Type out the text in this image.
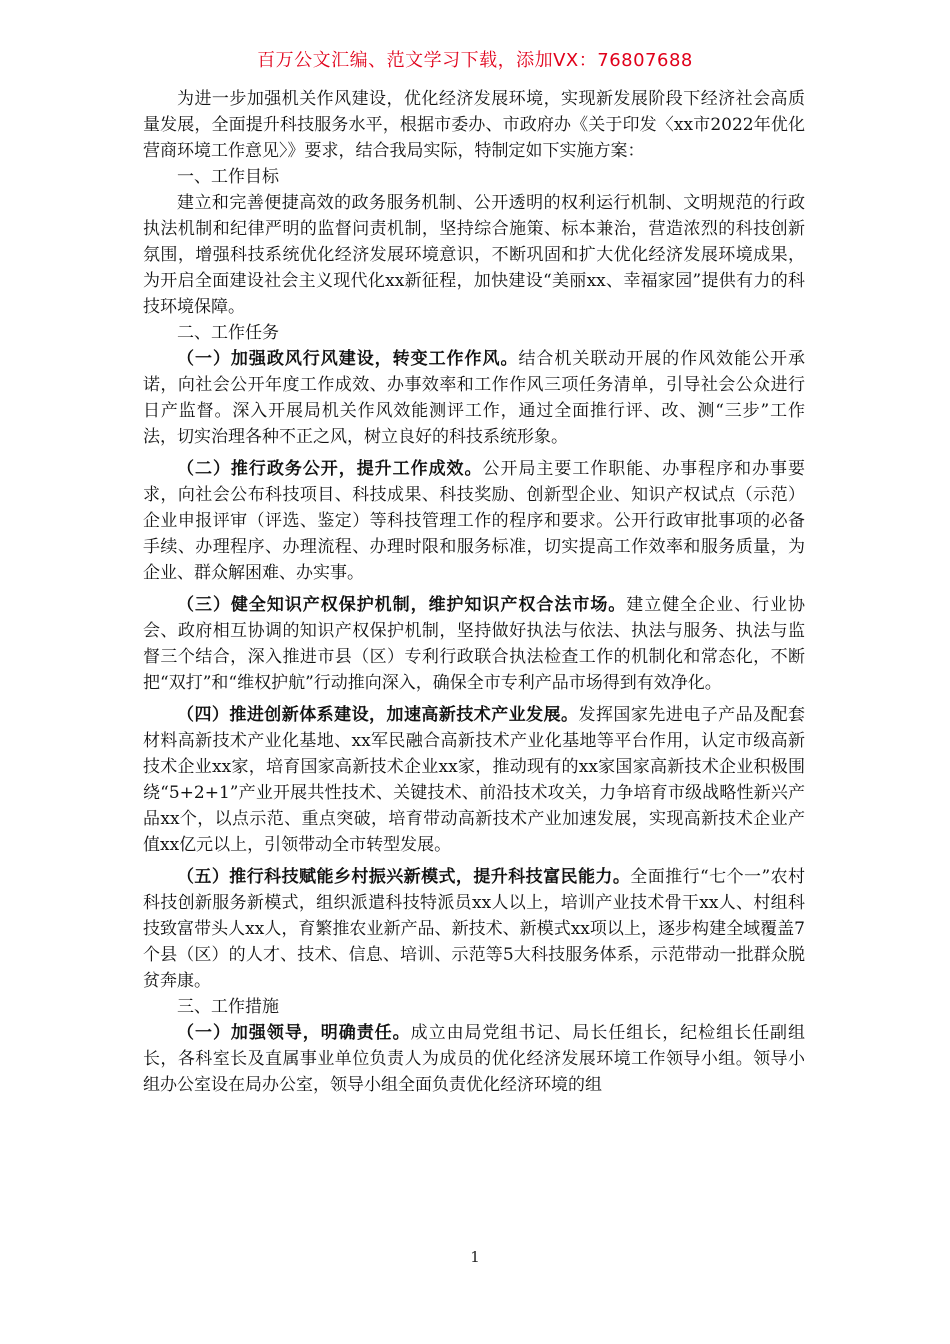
百万公文汇编、范文学习下载，添加VX：76807688

为进一步加强机关作风建设，优化经济发展环境，实现新发展阶段下经济社会高质量发展，全面提升科技服务水平，根据市委办、市政府办《关于印发〈xx市2022年优化营商环境工作意见〉》要求，结合我局实际，特制定如下实施方案：

一、工作目标

建立和完善便捷高效的政务服务机制、公开透明的权利运行机制、文明规范的行政执法机制和纪律严明的监督问责机制，坚持综合施策、标本兼治，营造浓烈的科技创新氛围，增强科技系统优化经济发展环境意识，不断巩固和扩大优化经济发展环境成果，为开启全面建设社会主义现代化xx新征程，加快建设“美丽xx、幸福家园”提供有力的科技环境保障。

二、工作任务

（一）加强政风行风建设，转变工作作风。结合机关联动开展的作风效能公开承诺，向社会公开年度工作成效、办事效率和工作作风三项任务清单，引导社会公众进行日产监督。深入开展局机关作风效能测评工作，通过全面推行评、改、测“三步”工作法，切实治理各种不正之风，树立良好的科技系统形象。

（二）推行政务公开，提升工作成效。公开局主要工作职能、办事程序和办事要求，向社会公布科技项目、科技成果、科技奖励、创新型企业、知识产权试点（示范）企业申报评审（评选、鉴定）等科技管理工作的程序和要求。公开行政审批事项的必备手续、办理程序、办理流程、办理时限和服务标准，切实提高工作效率和服务质量，为企业、群众解困难、办实事。

（三）健全知识产权保护机制，维护知识产权合法市场。建立健全企业、行业协会、政府相互协调的知识产权保护机制，坚持做好执法与依法、执法与服务、执法与监督三个结合，深入推进市县（区）专利行政联合执法检查工作的机制化和常态化，不断把“双打”和“维权护航”行动推向深入，确保全市专利产品市场得到有效净化。

（四）推进创新体系建设，加速高新技术产业发展。发挥国家先进电子产品及配套材料高新技术产业化基地、xx军民融合高新技术产业化基地等平台作用，认定市级高新技术企业xx家，培育国家高新技术企业xx家，推动现有的xx家国家高新技术企业积极围绕“5+2+1”产业开展共性技术、关键技术、前沿技术攻关，力争培育市级战略性新兴产品xx个，以点示范、重点突破，培育带动高新技术产业加速发展，实现高新技术企业产值xx亿元以上，引领带动全市转型发展。

（五）推行科技赋能乡村振兴新模式，提升科技富民能力。全面推行“七个一”农村科技创新服务新模式，组织派遣科技特派员xx人以上，培训产业技术骨干xx人、村组科技致富带头人xx人，育繁推农业新产品、新技术、新模式xx项以上，逐步构建全域覆盖7个县（区）的人才、技术、信息、培训、示范等5大科技服务体系，示范带动一批群众脱贫奔康。

三、工作措施

（一）加强领导，明确责任。成立由局党组书记、局长任组长，纪检组长任副组长，各科室长及直属事业单位负责人为成员的优化经济发展环境工作领导小组。领导小组办公室设在局办公室，领导小组全面负责优化经济环境的组

1
